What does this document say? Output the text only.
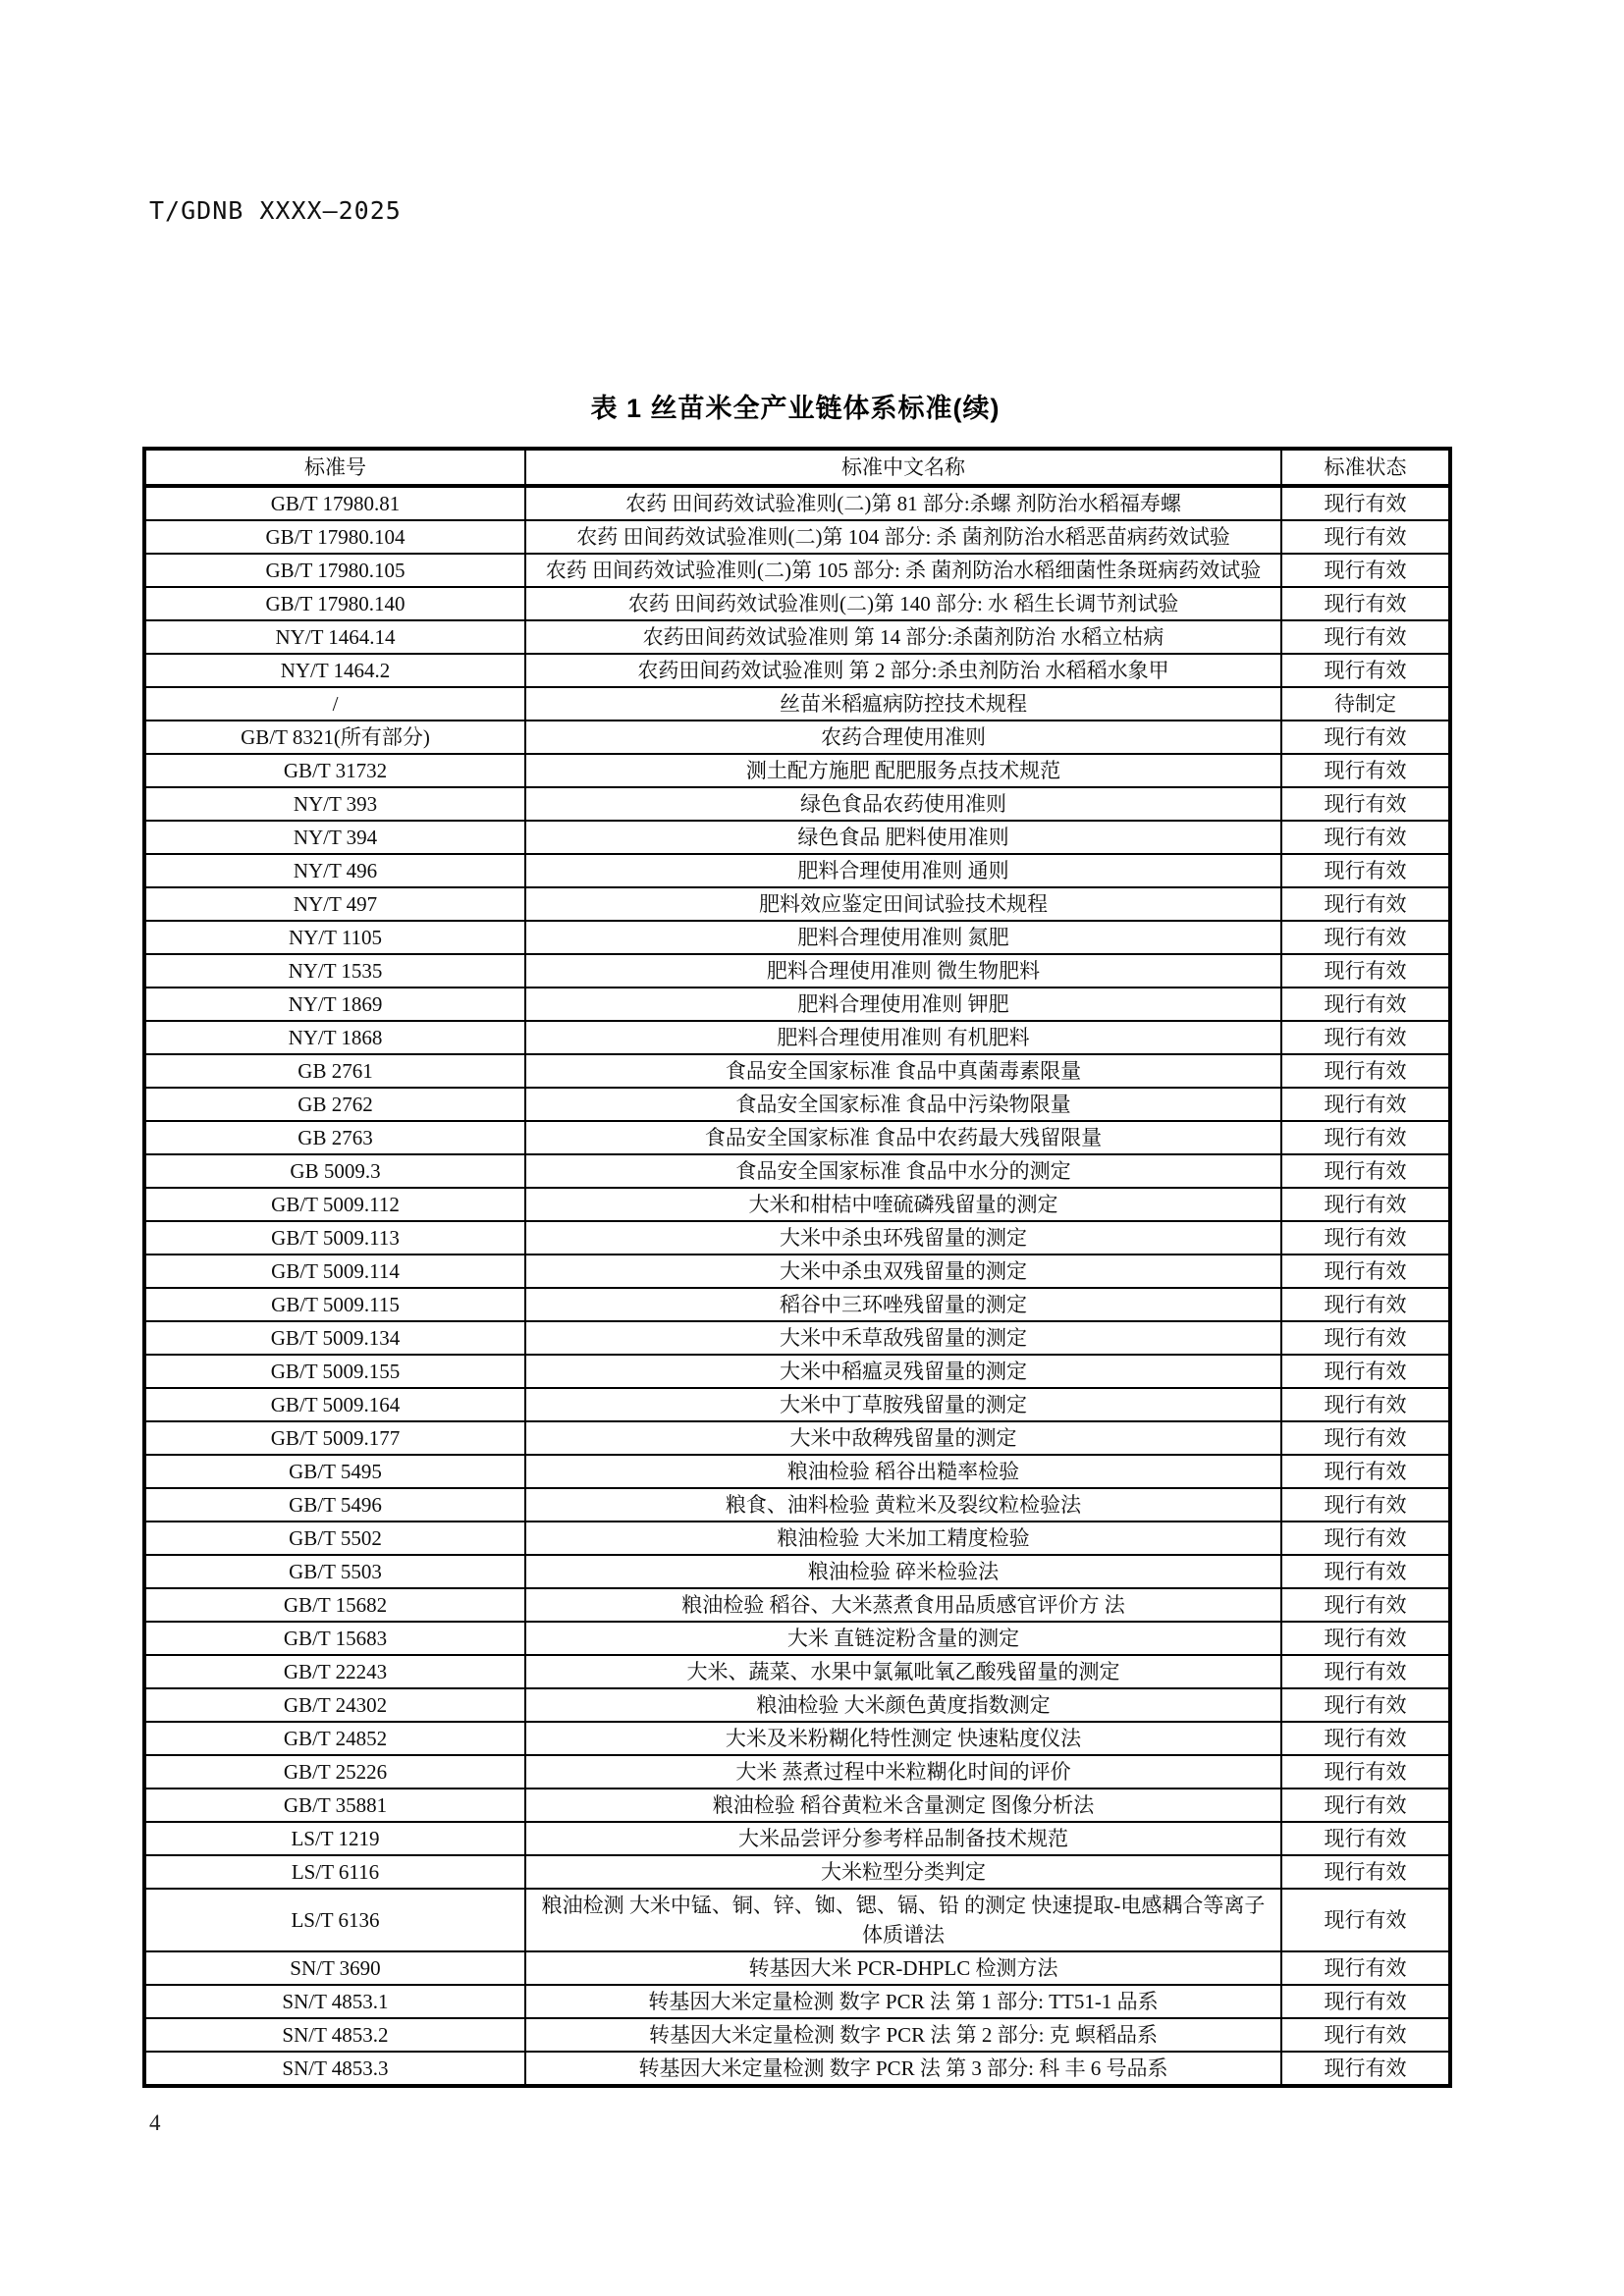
T/GDNB XXXX—2025
表 1 丝苗米全产业链体系标准(续)
标准号	标准中文名称	标准状态
GB/T 17980.81	农药 田间药效试验准则(二)第 81 部分:杀螺 剂防治水稻福寿螺	现行有效
GB/T 17980.104	农药 田间药效试验准则(二)第 104 部分: 杀 菌剂防治水稻恶苗病药效试验	现行有效
GB/T 17980.105	农药 田间药效试验准则(二)第 105 部分: 杀 菌剂防治水稻细菌性条斑病药效试验	现行有效
GB/T 17980.140	农药 田间药效试验准则(二)第 140 部分: 水 稻生长调节剂试验	现行有效
NY/T 1464.14	农药田间药效试验准则 第 14 部分:杀菌剂防治 水稻立枯病	现行有效
NY/T 1464.2	农药田间药效试验准则 第 2 部分:杀虫剂防治 水稻稻水象甲	现行有效
/	丝苗米稻瘟病防控技术规程	待制定
GB/T 8321(所有部分)	农药合理使用准则	现行有效
GB/T 31732	测土配方施肥 配肥服务点技术规范	现行有效
NY/T 393	绿色食品农药使用准则	现行有效
NY/T 394	绿色食品 肥料使用准则	现行有效
NY/T 496	肥料合理使用准则 通则	现行有效
NY/T 497	肥料效应鉴定田间试验技术规程	现行有效
NY/T 1105	肥料合理使用准则 氮肥	现行有效
NY/T 1535	肥料合理使用准则 微生物肥料	现行有效
NY/T 1869	肥料合理使用准则 钾肥	现行有效
NY/T 1868	肥料合理使用准则 有机肥料	现行有效
GB 2761	食品安全国家标准 食品中真菌毒素限量	现行有效
GB 2762	食品安全国家标准 食品中污染物限量	现行有效
GB 2763	食品安全国家标准 食品中农药最大残留限量	现行有效
GB 5009.3	食品安全国家标准 食品中水分的测定	现行有效
GB/T 5009.112	大米和柑桔中喹硫磷残留量的测定	现行有效
GB/T 5009.113	大米中杀虫环残留量的测定	现行有效
GB/T 5009.114	大米中杀虫双残留量的测定	现行有效
GB/T 5009.115	稻谷中三环唑残留量的测定	现行有效
GB/T 5009.134	大米中禾草敌残留量的测定	现行有效
GB/T 5009.155	大米中稻瘟灵残留量的测定	现行有效
GB/T 5009.164	大米中丁草胺残留量的测定	现行有效
GB/T 5009.177	大米中敌稗残留量的测定	现行有效
GB/T 5495	粮油检验 稻谷出糙率检验	现行有效
GB/T 5496	粮食、油料检验 黄粒米及裂纹粒检验法	现行有效
GB/T 5502	粮油检验 大米加工精度检验	现行有效
GB/T 5503	粮油检验 碎米检验法	现行有效
GB/T 15682	粮油检验 稻谷、大米蒸煮食用品质感官评价方 法	现行有效
GB/T 15683	大米 直链淀粉含量的测定	现行有效
GB/T 22243	大米、蔬菜、水果中氯氟吡氧乙酸残留量的测定	现行有效
GB/T 24302	粮油检验 大米颜色黄度指数测定	现行有效
GB/T 24852	大米及米粉糊化特性测定 快速粘度仪法	现行有效
GB/T 25226	大米 蒸煮过程中米粒糊化时间的评价	现行有效
GB/T 35881	粮油检验 稻谷黄粒米含量测定 图像分析法	现行有效
LS/T 1219	大米品尝评分参考样品制备技术规范	现行有效
LS/T 6116	大米粒型分类判定	现行有效
LS/T 6136	粮油检测 大米中锰、铜、锌、铷、锶、镉、铅 的测定 快速提取-电感耦合等离子体质谱法	现行有效
SN/T 3690	转基因大米 PCR-DHPLC 检测方法	现行有效
SN/T 4853.1	转基因大米定量检测 数字 PCR 法 第 1 部分: TT51-1 品系	现行有效
SN/T 4853.2	转基因大米定量检测 数字 PCR 法 第 2 部分: 克 螟稻品系	现行有效
SN/T 4853.3	转基因大米定量检测 数字 PCR 法 第 3 部分: 科 丰 6 号品系	现行有效
4
